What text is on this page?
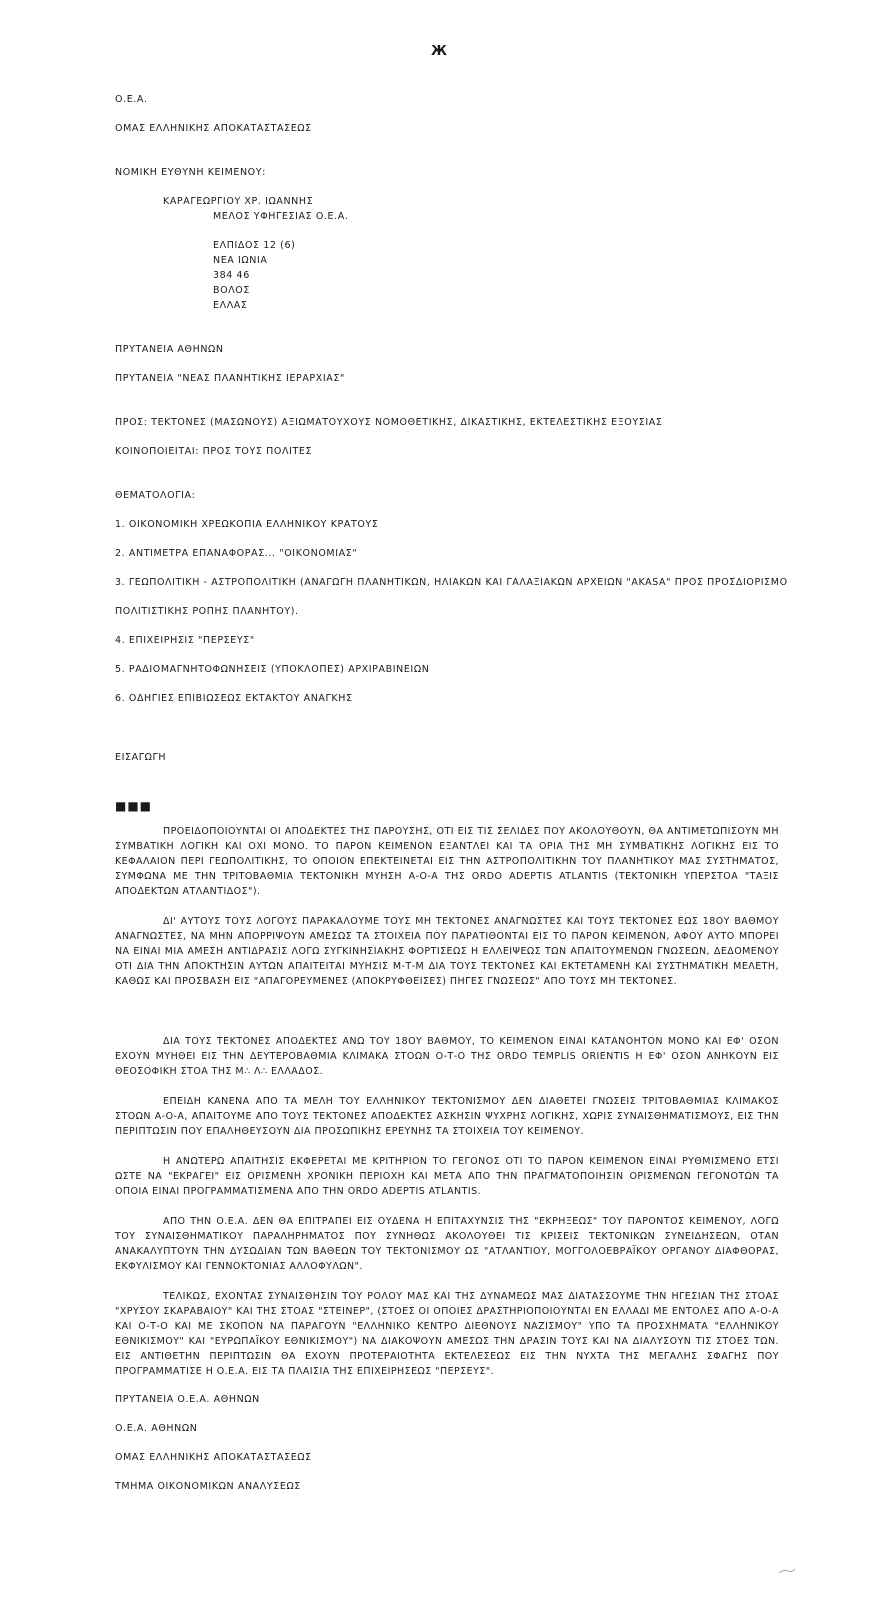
Ж
Ο.Ε.Α.
ΟΜΑΣ ΕΛΛΗΝΙΚΗΣ ΑΠΟΚΑΤΑΣΤΑΣΕΩΣ
ΝΟΜΙΚΗ ΕΥΘΥΝΗ ΚΕΙΜΕΝΟΥ:
ΚΑΡΑΓΕΩΡΓΙΟΥ ΧΡ. ΙΩΑΝΝΗΣ
ΜΕΛΟΣ ΥΦΗΓΕΣΙΑΣ Ο.Ε.Α.
ΕΛΠΙΔΟΣ 12 (6)
ΝΕΑ ΙΩΝΙΑ
384 46
ΒΟΛΟΣ
ΕΛΛΑΣ
ΠΡΥΤΑΝΕΙΑ ΑΘΗΝΩΝ
ΠΡΥΤΑΝΕΙΑ "ΝΕΑΣ ΠΛΑΝΗΤΙΚΗΣ ΙΕΡΑΡΧΙΑΣ"
ΠΡΟΣ: ΤΕΚΤΟΝΕΣ (ΜΑΣΩΝΟΥΣ) ΑΞΙΩΜΑΤΟΥΧΟΥΣ ΝΟΜΟΘΕΤΙΚΗΣ, ΔΙΚΑΣΤΙΚΗΣ, ΕΚΤΕΛΕΣΤΙΚΗΣ ΕΞΟΥΣΙΑΣ
ΚΟΙΝΟΠΟΙΕΙΤΑΙ: ΠΡΟΣ ΤΟΥΣ ΠΟΛΙΤΕΣ
ΘΕΜΑΤΟΛΟΓΙΑ:
1. ΟΙΚΟΝΟΜΙΚΗ ΧΡΕΩΚΟΠΙΑ ΕΛΛΗΝΙΚΟΥ ΚΡΑΤΟΥΣ
2. ΑΝΤΙΜΕΤΡΑ ΕΠΑΝΑΦΟΡΑΣ... "ΟΙΚΟΝΟΜΙΑΣ"
3. ΓΕΩΠΟΛΙΤΙΚΗ - ΑΣΤΡΟΠΟΛΙΤΙΚΗ (ΑΝΑΓΩΓΗ ΠΛΑΝΗΤΙΚΩΝ, ΗΛΙΑΚΩΝ ΚΑΙ ΓΑΛΑΞΙΑΚΩΝ ΑΡΧΕΙΩΝ "AKASA" ΠΡΟΣ ΠΡΟΣΔΙΟΡΙΣΜΟ
ΠΟΛΙΤΙΣΤΙΚΗΣ ΡΟΠΗΣ ΠΛΑΝΗΤΟΥ).
4. ΕΠΙΧΕΙΡΗΣΙΣ "ΠΕΡΣΕΥΣ"
5. ΡΑΔΙΟΜΑΓΝΗΤΟΦΩΝΗΣΕΙΣ (ΥΠΟΚΛΟΠΕΣ) ΑΡΧΙΡΑΒΙΝΕΙΩΝ
6. ΟΔΗΓΙΕΣ ΕΠΙΒΙΩΣΕΩΣ ΕΚΤΑΚΤΟΥ ΑΝΑΓΚΗΣ
ΕΙΣΑΓΩΓΗ
■■■

ΠΡΟΕΙΔΟΠΟΙΟΥΝΤΑΙ ΟΙ ΑΠΟΔΕΚΤΕΣ ΤΗΣ ΠΑΡΟΥΣΗΣ, ΟΤΙ ΕΙΣ ΤΙΣ ΣΕΛΙΔΕΣ ΠΟΥ ΑΚΟΛΟΥΘΟΥΝ, ΘΑ ΑΝΤΙΜΕΤΩΠΙΣΟΥΝ ΜΗ ΣΥΜΒΑΤΙΚΗ ΛΟΓΙΚΗ ΚΑΙ ΟΧΙ ΜΟΝΟ. ΤΟ ΠΑΡΟΝ ΚΕΙΜΕΝΟΝ ΕΞΑΝΤΛΕΙ ΚΑΙ ΤΑ ΟΡΙΑ ΤΗΣ ΜΗ ΣΥΜΒΑΤΙΚΗΣ ΛΟΓΙΚΗΣ ΕΙΣ ΤΟ ΚΕΦΑΛΑΙΟΝ ΠΕΡΙ ΓΕΩΠΟΛΙΤΙΚΗΣ, ΤΟ ΟΠΟΙΟΝ ΕΠΕΚΤΕΙΝΕΤΑΙ ΕΙΣ ΤΗΝ ΑΣΤΡΟΠΟΛΙΤΙΚΗΝ ΤΟΥ ΠΛΑΝΗΤΙΚΟΥ ΜΑΣ ΣΥΣΤΗΜΑΤΟΣ, ΣΥΜΦΩΝΑ ΜΕ ΤΗΝ ΤΡΙΤΟΒΑΘΜΙΑ ΤΕΚΤΟΝΙΚΗ ΜΥΗΣΗ Α-Ο-Α ΤΗΣ ORDO ADEPTIS ATLANTIS (ΤΕΚΤΟΝΙΚΗ ΥΠΕΡΣΤΟΑ "ΤΑΞΙΣ ΑΠΟΔΕΚΤΩΝ ΑΤΛΑΝΤΙΔΟΣ").

ΔΙ' ΑΥΤΟΥΣ ΤΟΥΣ ΛΟΓΟΥΣ ΠΑΡΑΚΑΛΟΥΜΕ ΤΟΥΣ ΜΗ ΤΕΚΤΟΝΕΣ ΑΝΑΓΝΩΣΤΕΣ ΚΑΙ ΤΟΥΣ ΤΕΚΤΟΝΕΣ ΕΩΣ 18ΟΥ ΒΑΘΜΟΥ ΑΝΑΓΝΩΣΤΕΣ, ΝΑ ΜΗΝ ΑΠΟΡΡΙΨΟΥΝ ΑΜΕΣΩΣ ΤΑ ΣΤΟΙΧΕΙΑ ΠΟΥ ΠΑΡΑΤΙΘΟΝΤΑΙ ΕΙΣ ΤΟ ΠΑΡΟΝ ΚΕΙΜΕΝΟΝ, ΑΦΟΥ ΑΥΤΟ ΜΠΟΡΕΙ ΝΑ ΕΙΝΑΙ ΜΙΑ ΑΜΕΣΗ ΑΝΤΙΔΡΑΣΙΣ ΛΟΓΩ ΣΥΓΚΙΝΗΣΙΑΚΗΣ ΦΟΡΤΙΣΕΩΣ Η ΕΛΛΕΙΨΕΩΣ ΤΩΝ ΑΠΑΙΤΟΥΜΕΝΩΝ ΓΝΩΣΕΩΝ, ΔΕΔΟΜΕΝΟΥ ΟΤΙ ΔΙΑ ΤΗΝ ΑΠΟΚΤΗΣΙΝ ΑΥΤΩΝ ΑΠΑΙΤΕΙΤΑΙ ΜΥΗΣΙΣ Μ-Τ-Μ ΔΙΑ ΤΟΥΣ ΤΕΚΤΟΝΕΣ ΚΑΙ ΕΚΤΕΤΑΜΕΝΗ ΚΑΙ ΣΥΣΤΗΜΑΤΙΚΗ ΜΕΛΕΤΗ, ΚΑΘΩΣ ΚΑΙ ΠΡΟΣΒΑΣΗ ΕΙΣ "ΑΠΑΓΟΡΕΥΜΕΝΕΣ (ΑΠΟΚΡΥΦΘΕΙΣΕΣ) ΠΗΓΕΣ ΓΝΩΣΕΩΣ" ΑΠΟ ΤΟΥΣ ΜΗ ΤΕΚΤΟΝΕΣ.

ΔΙΑ ΤΟΥΣ ΤΕΚΤΟΝΕΣ ΑΠΟΔΕΚΤΕΣ ΑΝΩ ΤΟΥ 18ΟΥ ΒΑΘΜΟΥ, ΤΟ ΚΕΙΜΕΝΟΝ ΕΙΝΑΙ ΚΑΤΑΝΟΗΤΟΝ ΜΟΝΟ ΚΑΙ ΕΦ' ΟΣΟΝ ΕΧΟΥΝ ΜΥΗΘΕΙ ΕΙΣ ΤΗΝ ΔΕΥΤΕΡΟΒΑΘΜΙΑ ΚΛΙΜΑΚΑ ΣΤΟΩΝ Ο-Τ-Ο ΤΗΣ ORDO TEMPLIS ORIENTIS Η ΕΦ' ΟΣΟΝ ΑΝΗΚΟΥΝ ΕΙΣ ΘΕΟΣΟΦΙΚΗ ΣΤΟΑ ΤΗΣ Μ∴ Λ∴ ΕΛΛΑΔΟΣ.

ΕΠΕΙΔΗ ΚΑΝΕΝΑ ΑΠΟ ΤΑ ΜΕΛΗ ΤΟΥ ΕΛΛΗΝΙΚΟΥ ΤΕΚΤΟΝΙΣΜΟΥ ΔΕΝ ΔΙΑΘΕΤΕΙ ΓΝΩΣΕΙΣ ΤΡΙΤΟΒΑΘΜΙΑΣ ΚΛΙΜΑΚΟΣ ΣΤΟΩΝ Α-Ο-Α, ΑΠΑΙΤΟΥΜΕ ΑΠΟ ΤΟΥΣ ΤΕΚΤΟΝΕΣ ΑΠΟΔΕΚΤΕΣ ΑΣΚΗΣΙΝ ΨΥΧΡΗΣ ΛΟΓΙΚΗΣ, ΧΩΡΙΣ ΣΥΝΑΙΣΘΗΜΑΤΙΣΜΟΥΣ, ΕΙΣ ΤΗΝ ΠΕΡΙΠΤΩΣΙΝ ΠΟΥ ΕΠΑΛΗΘΕΥΣΟΥΝ ΔΙΑ ΠΡΟΣΩΠΙΚΗΣ ΕΡΕΥΝΗΣ ΤΑ ΣΤΟΙΧΕΙΑ ΤΟΥ ΚΕΙΜΕΝΟΥ.

Η ΑΝΩΤΕΡΩ ΑΠΑΙΤΗΣΙΣ ΕΚΦΕΡΕΤΑΙ ΜΕ ΚΡΙΤΗΡΙΟΝ ΤΟ ΓΕΓΟΝΟΣ ΟΤΙ ΤΟ ΠΑΡΟΝ ΚΕΙΜΕΝΟΝ ΕΙΝΑΙ ΡΥΘΜΙΣΜΕΝΟ ΕΤΣΙ ΩΣΤΕ ΝΑ "ΕΚΡΑΓΕΙ" ΕΙΣ ΟΡΙΣΜΕΝΗ ΧΡΟΝΙΚΗ ΠΕΡΙΟΧΗ ΚΑΙ ΜΕΤΑ ΑΠΟ ΤΗΝ ΠΡΑΓΜΑΤΟΠΟΙΗΣΙΝ ΟΡΙΣΜΕΝΩΝ ΓΕΓΟΝΟΤΩΝ ΤΑ ΟΠΟΙΑ ΕΙΝΑΙ ΠΡΟΓΡΑΜΜΑΤΙΣΜΕΝΑ ΑΠΟ ΤΗΝ ORDO ADEPTIS ATLANTIS.

ΑΠΟ ΤΗΝ Ο.Ε.Α. ΔΕΝ ΘΑ ΕΠΙΤΡΑΠΕΙ ΕΙΣ ΟΥΔΕΝΑ Η ΕΠΙΤΑΧΥΝΣΙΣ ΤΗΣ "ΕΚΡΗΞΕΩΣ" ΤΟΥ ΠΑΡΟΝΤΟΣ ΚΕΙΜΕΝΟΥ, ΛΟΓΩ ΤΟΥ ΣΥΝΑΙΣΘΗΜΑΤΙΚΟΥ ΠΑΡΑΛΗΡΗΜΑΤΟΣ ΠΟΥ ΣΥΝΗΘΩΣ ΑΚΟΛΟΥΘΕΙ ΤΙΣ ΚΡΙΣΕΙΣ ΤΕΚΤΟΝΙΚΩΝ ΣΥΝΕΙΔΗΣΕΩΝ, ΟΤΑΝ ΑΝΑΚΑΛΥΠΤΟΥΝ ΤΗΝ ΔΥΣΩΔΙΑΝ ΤΩΝ ΒΑΘΕΩΝ ΤΟΥ ΤΕΚΤΟΝΙΣΜΟΥ ΩΣ "ΑΤΛΑΝΤΙΟΥ, ΜΟΓΓΟΛΟΕΒΡΑΪΚΟΥ ΟΡΓΑΝΟΥ ΔΙΑΦΘΟΡΑΣ, ΕΚΦΥΛΙΣΜΟΥ ΚΑΙ ΓΕΝΝΟΚΤΟΝΙΑΣ ΑΛΛΟΦΥΛΩΝ".

ΤΕΛΙΚΩΣ, ΕΧΟΝΤΑΣ ΣΥΝΑΙΣΘΗΣΙΝ ΤΟΥ ΡΟΛΟΥ ΜΑΣ ΚΑΙ ΤΗΣ ΔΥΝΑΜΕΩΣ ΜΑΣ ΔΙΑΤΑΣΣΟΥΜΕ ΤΗΝ ΗΓΕΣΙΑΝ ΤΗΣ ΣΤΟΑΣ "ΧΡΥΣΟΥ ΣΚΑΡΑΒΑΙΟΥ" ΚΑΙ ΤΗΣ ΣΤΟΑΣ "ΣΤΕΙΝΕΡ", (ΣΤΟΕΣ ΟΙ ΟΠΟΙΕΣ ΔΡΑΣΤΗΡΙΟΠΟΙΟΥΝΤΑΙ ΕΝ ΕΛΛΑΔΙ ΜΕ ΕΝΤΟΛΕΣ ΑΠΟ Α-Ο-Α ΚΑΙ Ο-Τ-Ο ΚΑΙ ΜΕ ΣΚΟΠΟΝ ΝΑ ΠΑΡΑΓΟΥΝ "ΕΛΛΗΝΙΚΟ ΚΕΝΤΡΟ ΔΙΕΘΝΟΥΣ ΝΑΖΙΣΜΟΥ" ΥΠΟ ΤΑ ΠΡΟΣΧΗΜΑΤΑ "ΕΛΛΗΝΙΚΟΥ ΕΘΝΙΚΙΣΜΟΥ" ΚΑΙ "ΕΥΡΩΠΑΪΚΟΥ ΕΘΝΙΚΙΣΜΟΥ") ΝΑ ΔΙΑΚΟΨΟΥΝ ΑΜΕΣΩΣ ΤΗΝ ΔΡΑΣΙΝ ΤΟΥΣ ΚΑΙ ΝΑ ΔΙΑΛΥΣΟΥΝ ΤΙΣ ΣΤΟΕΣ ΤΩΝ. ΕΙΣ ΑΝΤΙΘΕΤΗΝ ΠΕΡΙΠΤΩΣΙΝ ΘΑ ΕΧΟΥΝ ΠΡΟΤΕΡΑΙΟΤΗΤΑ ΕΚΤΕΛΕΣΕΩΣ ΕΙΣ ΤΗΝ ΝΥΧΤΑ ΤΗΣ ΜΕΓΑΛΗΣ ΣΦΑΓΗΣ ΠΟΥ ΠΡΟΓΡΑΜΜΑΤΙΣΕ Η Ο.Ε.Α. ΕΙΣ ΤΑ ΠΛΑΙΣΙΑ ΤΗΣ ΕΠΙΧΕΙΡΗΣΕΩΣ "ΠΕΡΣΕΥΣ".

ΠΡΥΤΑΝΕΙΑ Ο.Ε.Α. ΑΘΗΝΩΝ
Ο.Ε.Α. ΑΘΗΝΩΝ
ΟΜΑΣ ΕΛΛΗΝΙΚΗΣ ΑΠΟΚΑΤΑΣΤΑΣΕΩΣ
ΤΜΗΜΑ ΟΙΚΟΝΟΜΙΚΩΝ ΑΝΑΛΥΣΕΩΣ
